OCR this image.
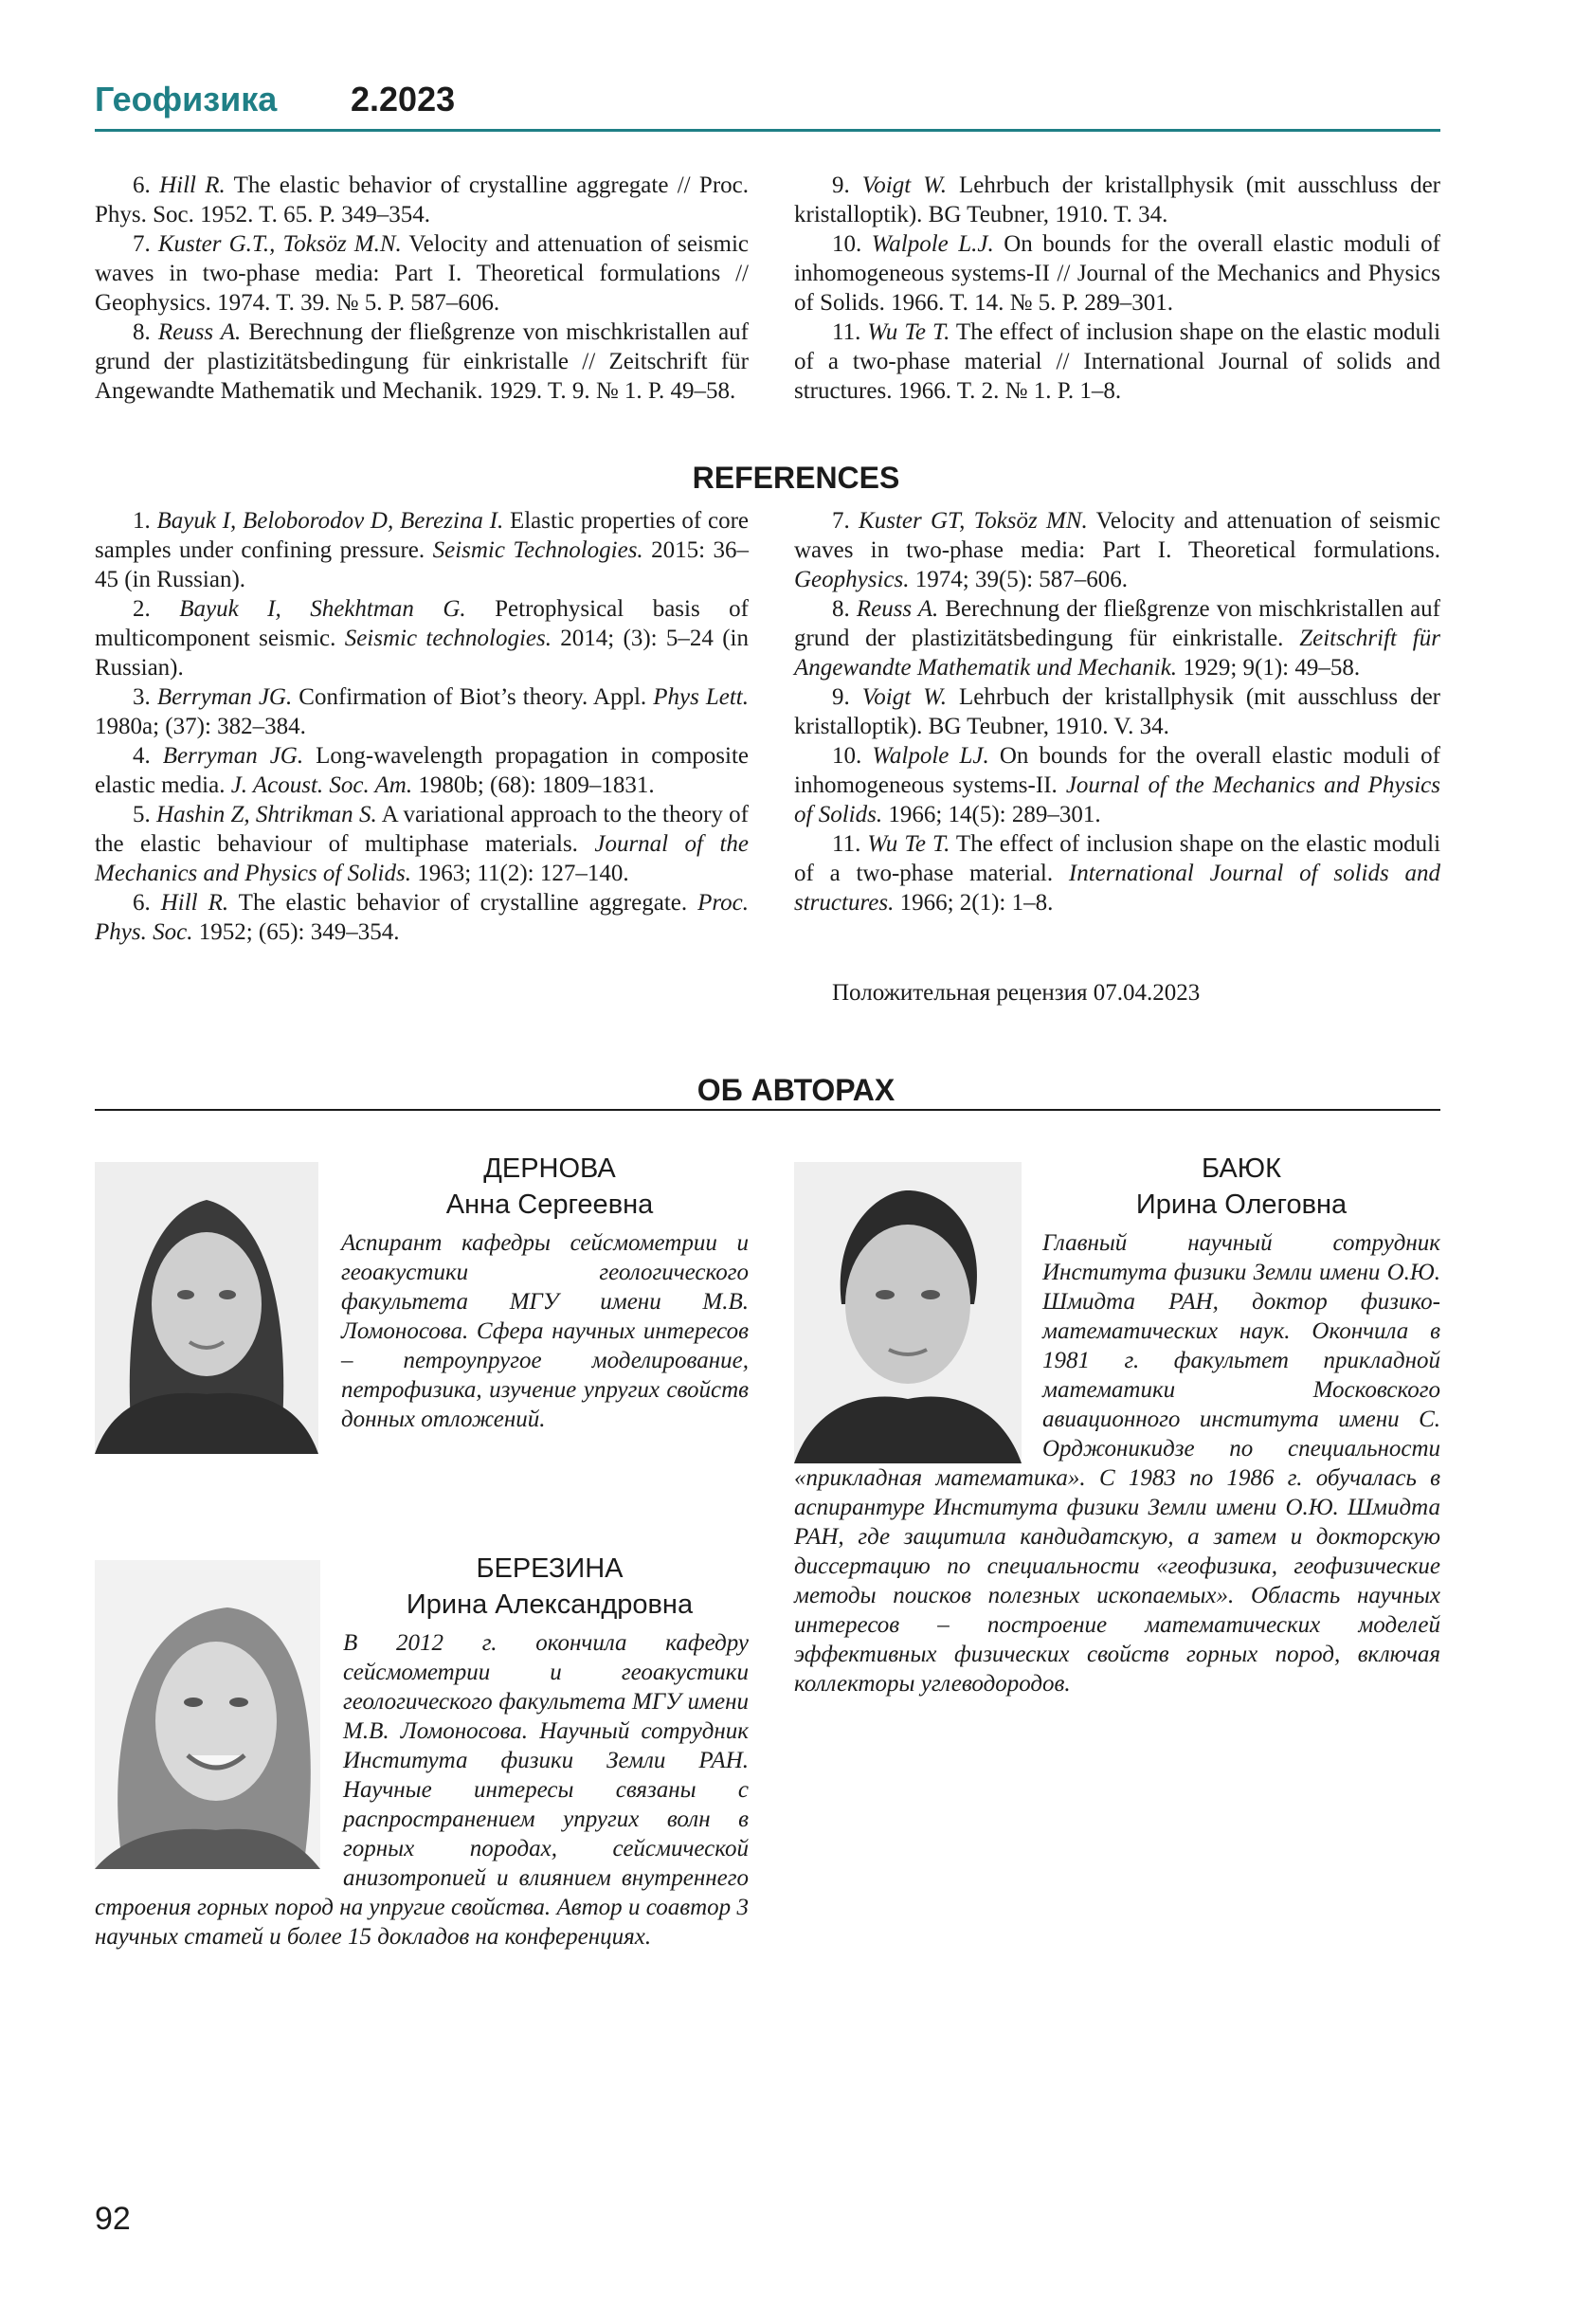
Геофизика 2.2023

6. Hill R. The elastic behavior of crystalline aggregate // Proc. Phys. Soc. 1952. T. 65. P. 349–354.

7. Kuster G.T., Toksöz M.N. Velocity and attenuation of seismic waves in two-phase media: Part I. Theoretical formulations // Geophysics. 1974. T. 39. № 5. P. 587–606.

8. Reuss A. Berechnung der fließgrenze von mischkristallen auf grund der plastizitätsbedingung für einkristalle // Zeitschrift für Angewandte Mathematik und Mechanik. 1929. T. 9. № 1. P. 49–58.

9. Voigt W. Lehrbuch der kristallphysik (mit ausschluss der kristalloptik). BG Teubner, 1910. T. 34.

10. Walpole L.J. On bounds for the overall elastic moduli of inhomogeneous systems-II // Journal of the Mechanics and Physics of Solids. 1966. T. 14. № 5. P. 289–301.

11. Wu Te T. The effect of inclusion shape on the elastic moduli of a two-phase material // International Journal of solids and structures. 1966. T. 2. № 1. P. 1–8.

REFERENCES

1. Bayuk I, Beloborodov D, Berezina I. Elastic properties of core samples under confining pressure. Seismic Technologies. 2015: 36–45 (in Russian).

2. Bayuk I, Shekhtman G. Petrophysical basis of multicomponent seismic. Seismic technologies. 2014; (3): 5–24 (in Russian).

3. Berryman JG. Confirmation of Biot’s theory. Appl. Phys Lett. 1980a; (37): 382–384.

4. Berryman JG. Long-wavelength propagation in composite elastic media. J. Acoust. Soc. Am. 1980b; (68): 1809–1831.

5. Hashin Z, Shtrikman S. A variational approach to the theory of the elastic behaviour of multiphase materials. Journal of the Mechanics and Physics of Solids. 1963; 11(2): 127–140.

6. Hill R. The elastic behavior of crystalline aggregate. Proc. Phys. Soc. 1952; (65): 349–354.

7. Kuster GT, Toksöz MN. Velocity and attenuation of seismic waves in two-phase media: Part I. Theoretical formulations. Geophysics. 1974; 39(5): 587–606.

8. Reuss A. Berechnung der fließgrenze von mischkristallen auf grund der plastizitätsbedingung für einkristalle. Zeitschrift für Angewandte Mathematik und Mechanik. 1929; 9(1): 49–58.

9. Voigt W. Lehrbuch der kristallphysik (mit ausschluss der kristalloptik). BG Teubner, 1910. V. 34.

10. Walpole LJ. On bounds for the overall elastic moduli of inhomogeneous systems-II. Journal of the Mechanics and Physics of Solids. 1966; 14(5): 289–301.

11. Wu Te T. The effect of inclusion shape on the elastic moduli of a two-phase material. International Journal of solids and structures. 1966; 2(1): 1–8.

Положительная рецензия 07.04.2023
ОБ АВТОРАХ
ДЕРНОВА
Анна Сергеевна
Аспирант кафедры сейсмометрии и геоакустики геологического факультета МГУ имени М.В. Ломоносова. Сфера научных интересов – петроупругое моделирование, петрофизика, изучение упругих свойств донных отложений.
БЕРЕЗИНА
Ирина Александровна
В 2012 г. окончила кафедру сейсмометрии и геоакустики геологического факультета МГУ имени М.В. Ломоносова. Научный сотрудник Института физики Земли РАН. Научные интересы связаны с распространением упругих волн в горных породах, сейсмической анизотропией и влиянием внутреннего строения горных пород на упругие свойства. Автор и соавтор 3 научных статей и более 15 докладов на конференциях.
БАЮК
Ирина Олеговна
Главный научный сотрудник Института физики Земли имени О.Ю. Шмидта РАН, доктор физико-математических наук. Окончила в 1981 г. факультет прикладной математики Московского авиационного института имени С. Орджоникидзе по специальности «прикладная математика». С 1983 по 1986 г. обучалась в аспирантуре Института физики Земли имени О.Ю. Шмидта РАН, где защитила кандидатскую, а затем и докторскую диссертацию по специальности «геофизика, геофизические методы поисков полезных ископаемых». Область научных интересов – построение математических моделей эффективных физических свойств горных пород, включая коллекторы углеводородов.
92
